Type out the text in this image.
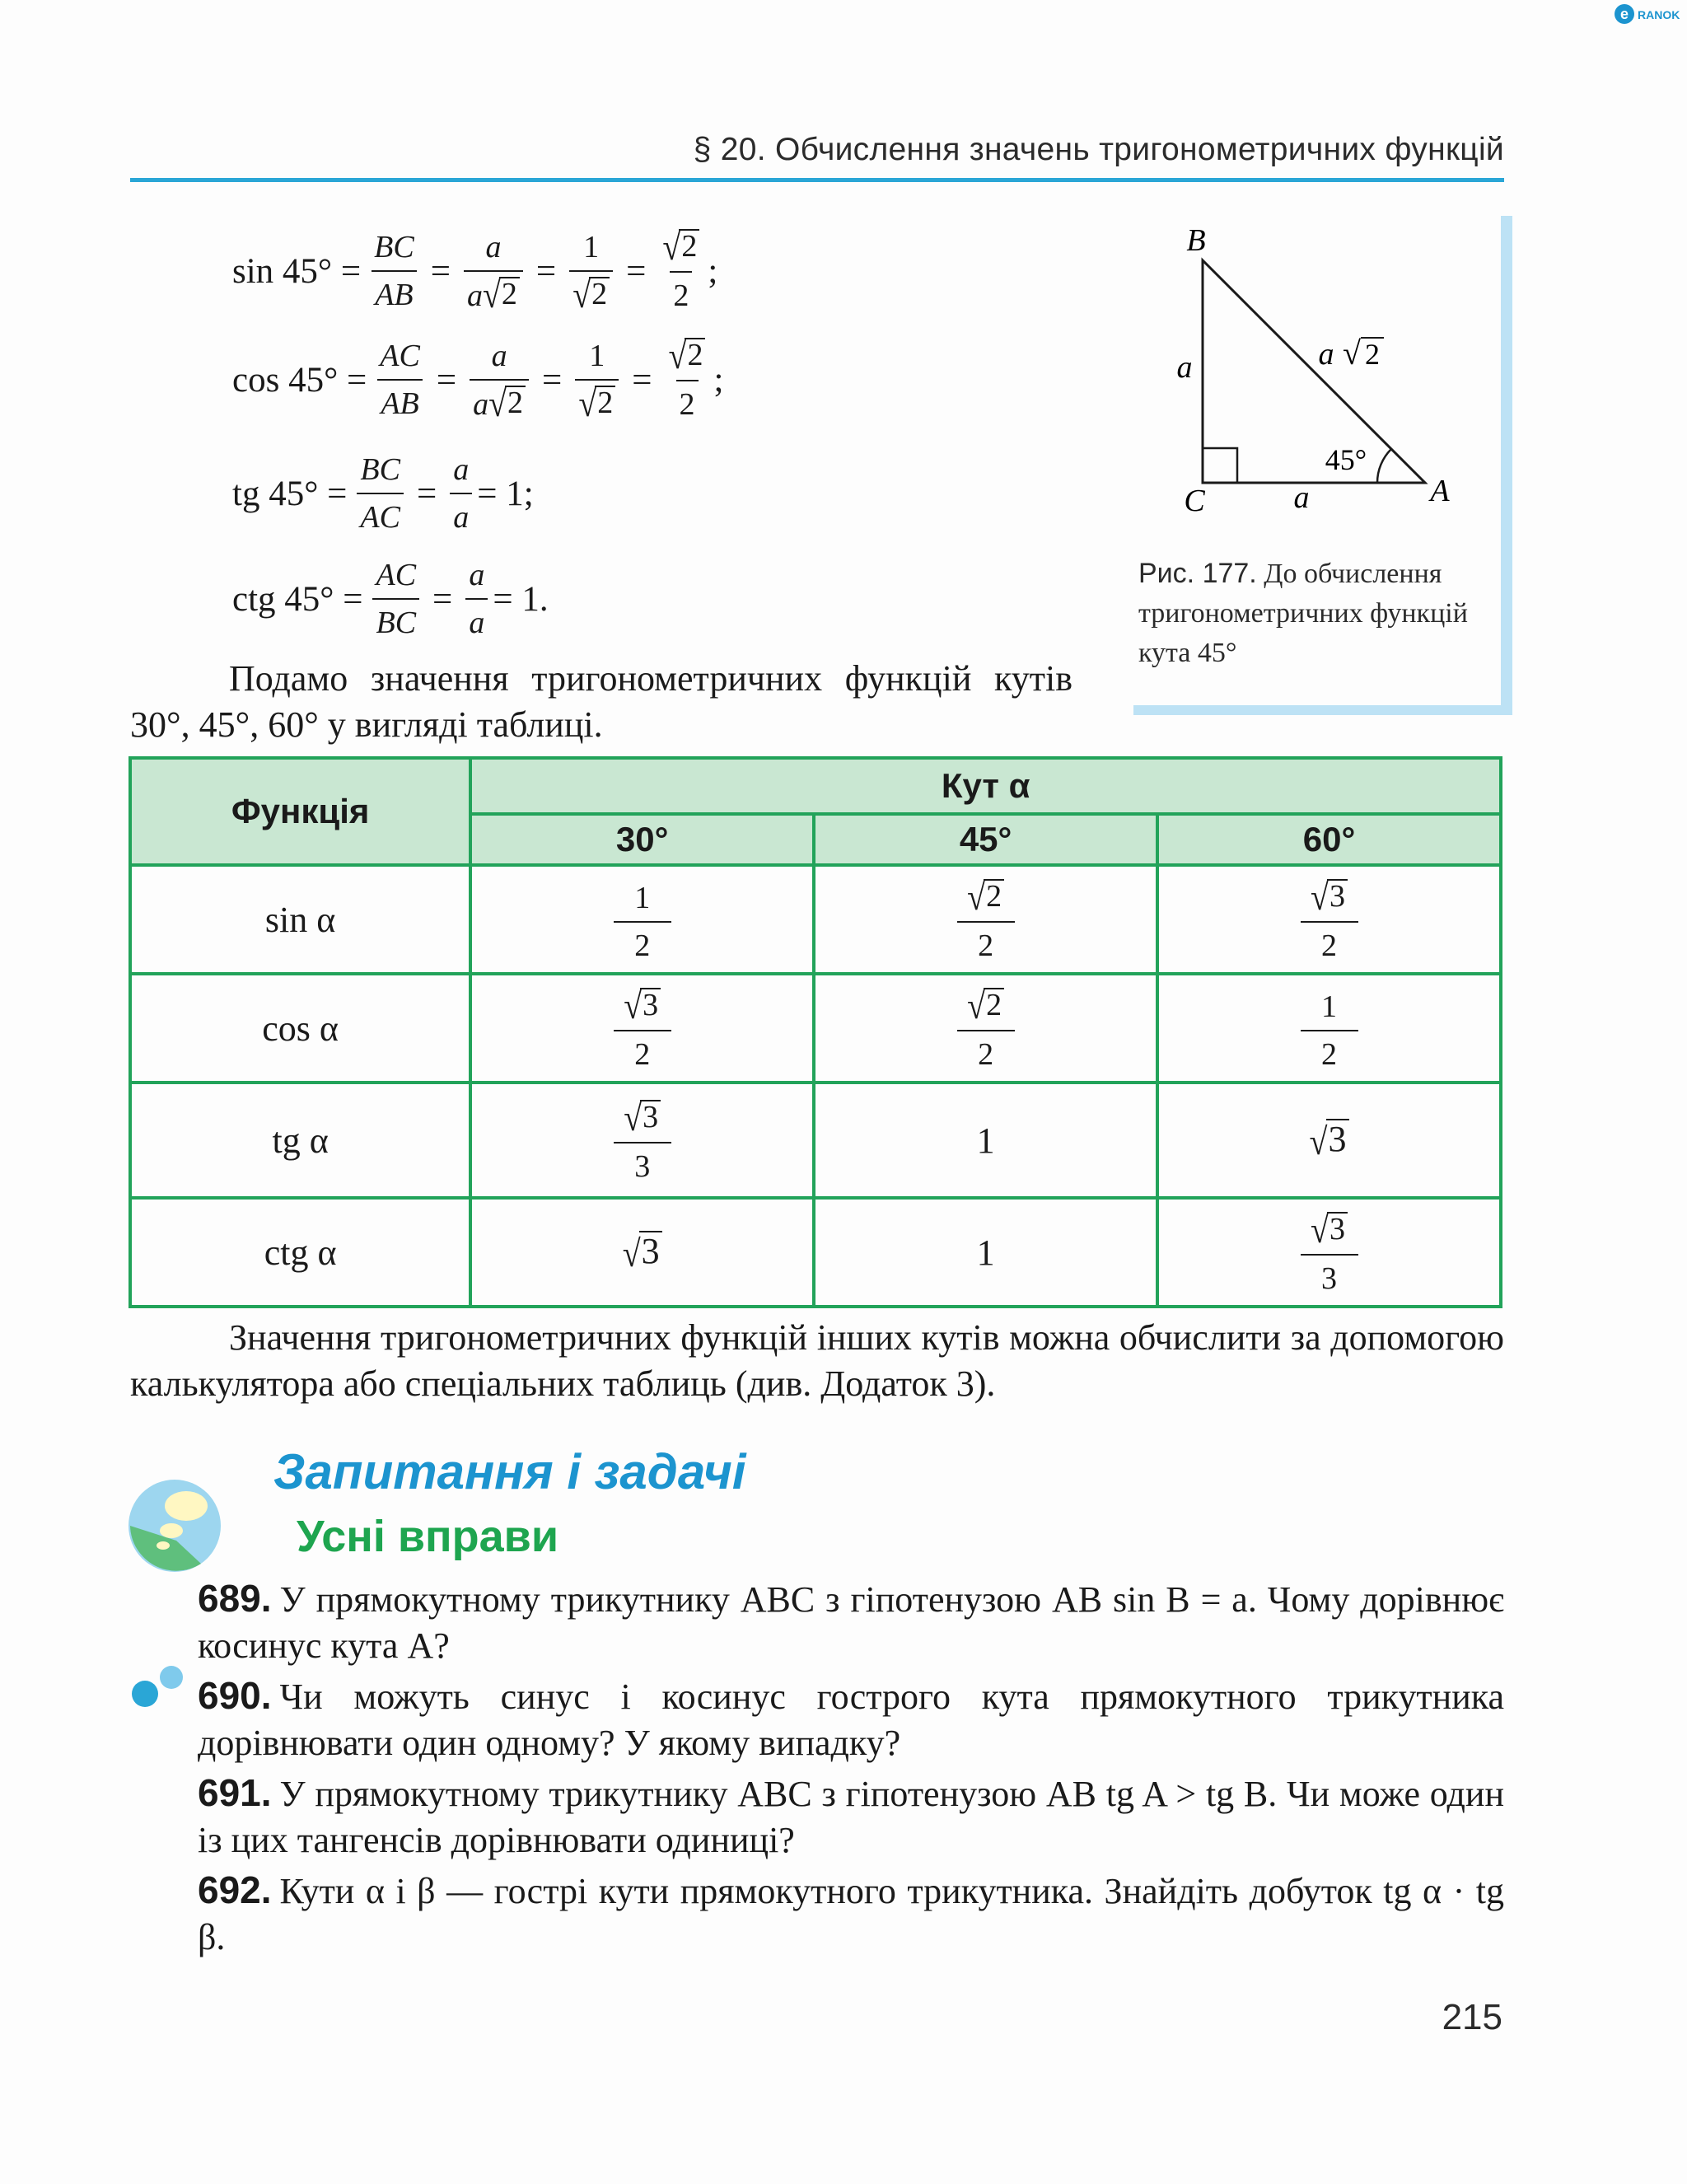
e RANOK
§ 20. Обчислення значень тригонометричних функцій
$\sin 45^\circ = \frac{BC}{AB} = \frac{a}{a √ 2} = \frac{1}{√ 2} = \frac{√ 2}{2}$ ;
$\cos 45^\circ = \frac{AC}{AB} = \frac{a}{a √ 2} = \frac{1}{√ 2} = \frac{√ 2}{2}$ ;
tg $45^\circ = \frac{BC}{AC} = \frac{a}{a} = 1$;
ctg $45^\circ = \frac{AC}{BC} = \frac{a}{a} = 1$.
Подамо значення тригонометричних функцій кутів 30°, 45°, 60° у вигляді таблиці.
B
C	A
a
a
a √ 2
45°
Рис. 177. До обчислення тригонометричних функцій кута 45°
Функція	Кут α		
	30°	45°	60°
sin α	$\frac{1}{2}$	$\frac{√ 2}{2}$	$\frac{√ 3}{2}$

cos α	$\frac{√ 3}{2}$	$\frac{√ 2}{2}$	$\frac{1}{2}$

tg α	$\frac{√ 3}{3}$	1	√ 3

ctg α	√ 3	1	$\frac{√ 3}{3}$
Значення тригонометричних функцій інших кутів можна обчислити за допомогою калькулятора або спеціальних таблиць (див. Додаток 3).
Запитання і задачі
Усні вправи
689. У прямокутному трикутнику ABC з гіпотенузою AB sin B = a. Чому дорівнює косинус кута A?
690. Чи можуть синус і косинус гострого кута прямокутного трикутника дорівнювати один одному? У якому випадку?
691. У прямокутному трикутнику ABC з гіпотенузою AB tg A > tg B. Чи може один із цих тангенсів дорівнювати одиниці?
692. Кути α і β — гострі кути прямокутного трикутника. Знайдіть добуток tg α · tg β.
215
